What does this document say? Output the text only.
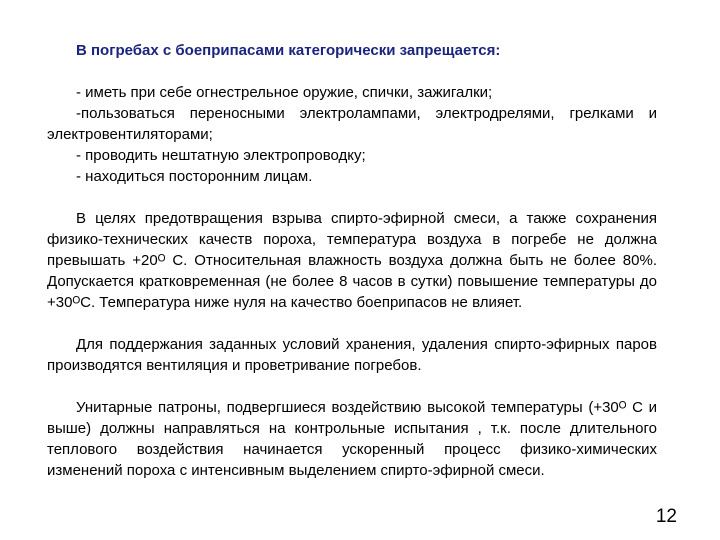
В погребах с боеприпасами категорически запрещается:

- иметь при себе огнестрельное оружие, спички, зажигалки;

-пользоваться переносными электролампами, электродрелями, грелками и электровентиляторами;

- проводить нештатную электропроводку;

- находиться посторонним лицам.

В целях предотвращения взрыва спирто-эфирной смеси, а также сохранения физико-технических качеств пороха, температура воздуха в погребе не должна превышать +20ᴼ С. Относительная влажность воздуха должна быть не более 80%. Допускается кратковременная (не более 8 часов в сутки) повышение температуры до +30ᴼС. Температура ниже нуля на качество боеприпасов не влияет.

Для поддержания заданных условий хранения, удаления спирто-эфирных паров производятся вентиляция и проветривание погребов.

Унитарные патроны, подвергшиеся воздействию высокой температуры (+30ᴼ С и выше) должны направляться на контрольные испытания , т.к. после длительного теплового воздействия начинается ускоренный процесс физико-химических изменений пороха с интенсивным выделением спирто-эфирной смеси.

12
